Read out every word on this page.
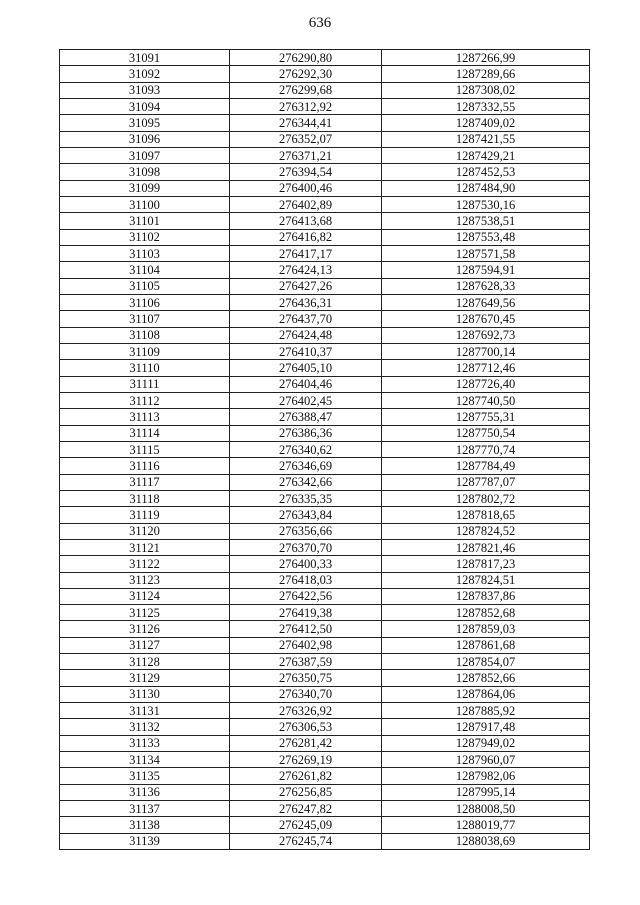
636
31091	276290,80	1287266,99
31092	276292,30	1287289,66
31093	276299,68	1287308,02
31094	276312,92	1287332,55
31095	276344,41	1287409,02
31096	276352,07	1287421,55
31097	276371,21	1287429,21
31098	276394,54	1287452,53
31099	276400,46	1287484,90
31100	276402,89	1287530,16
31101	276413,68	1287538,51
31102	276416,82	1287553,48
31103	276417,17	1287571,58
31104	276424,13	1287594,91
31105	276427,26	1287628,33
31106	276436,31	1287649,56
31107	276437,70	1287670,45
31108	276424,48	1287692,73
31109	276410,37	1287700,14
31110	276405,10	1287712,46
31111	276404,46	1287726,40
31112	276402,45	1287740,50
31113	276388,47	1287755,31
31114	276386,36	1287750,54
31115	276340,62	1287770,74
31116	276346,69	1287784,49
31117	276342,66	1287787,07
31118	276335,35	1287802,72
31119	276343,84	1287818,65
31120	276356,66	1287824,52
31121	276370,70	1287821,46
31122	276400,33	1287817,23
31123	276418,03	1287824,51
31124	276422,56	1287837,86
31125	276419,38	1287852,68
31126	276412,50	1287859,03
31127	276402,98	1287861,68
31128	276387,59	1287854,07
31129	276350,75	1287852,66
31130	276340,70	1287864,06
31131	276326,92	1287885,92
31132	276306,53	1287917,48
31133	276281,42	1287949,02
31134	276269,19	1287960,07
31135	276261,82	1287982,06
31136	276256,85	1287995,14
31137	276247,82	1288008,50
31138	276245,09	1288019,77
31139	276245,74	1288038,69
